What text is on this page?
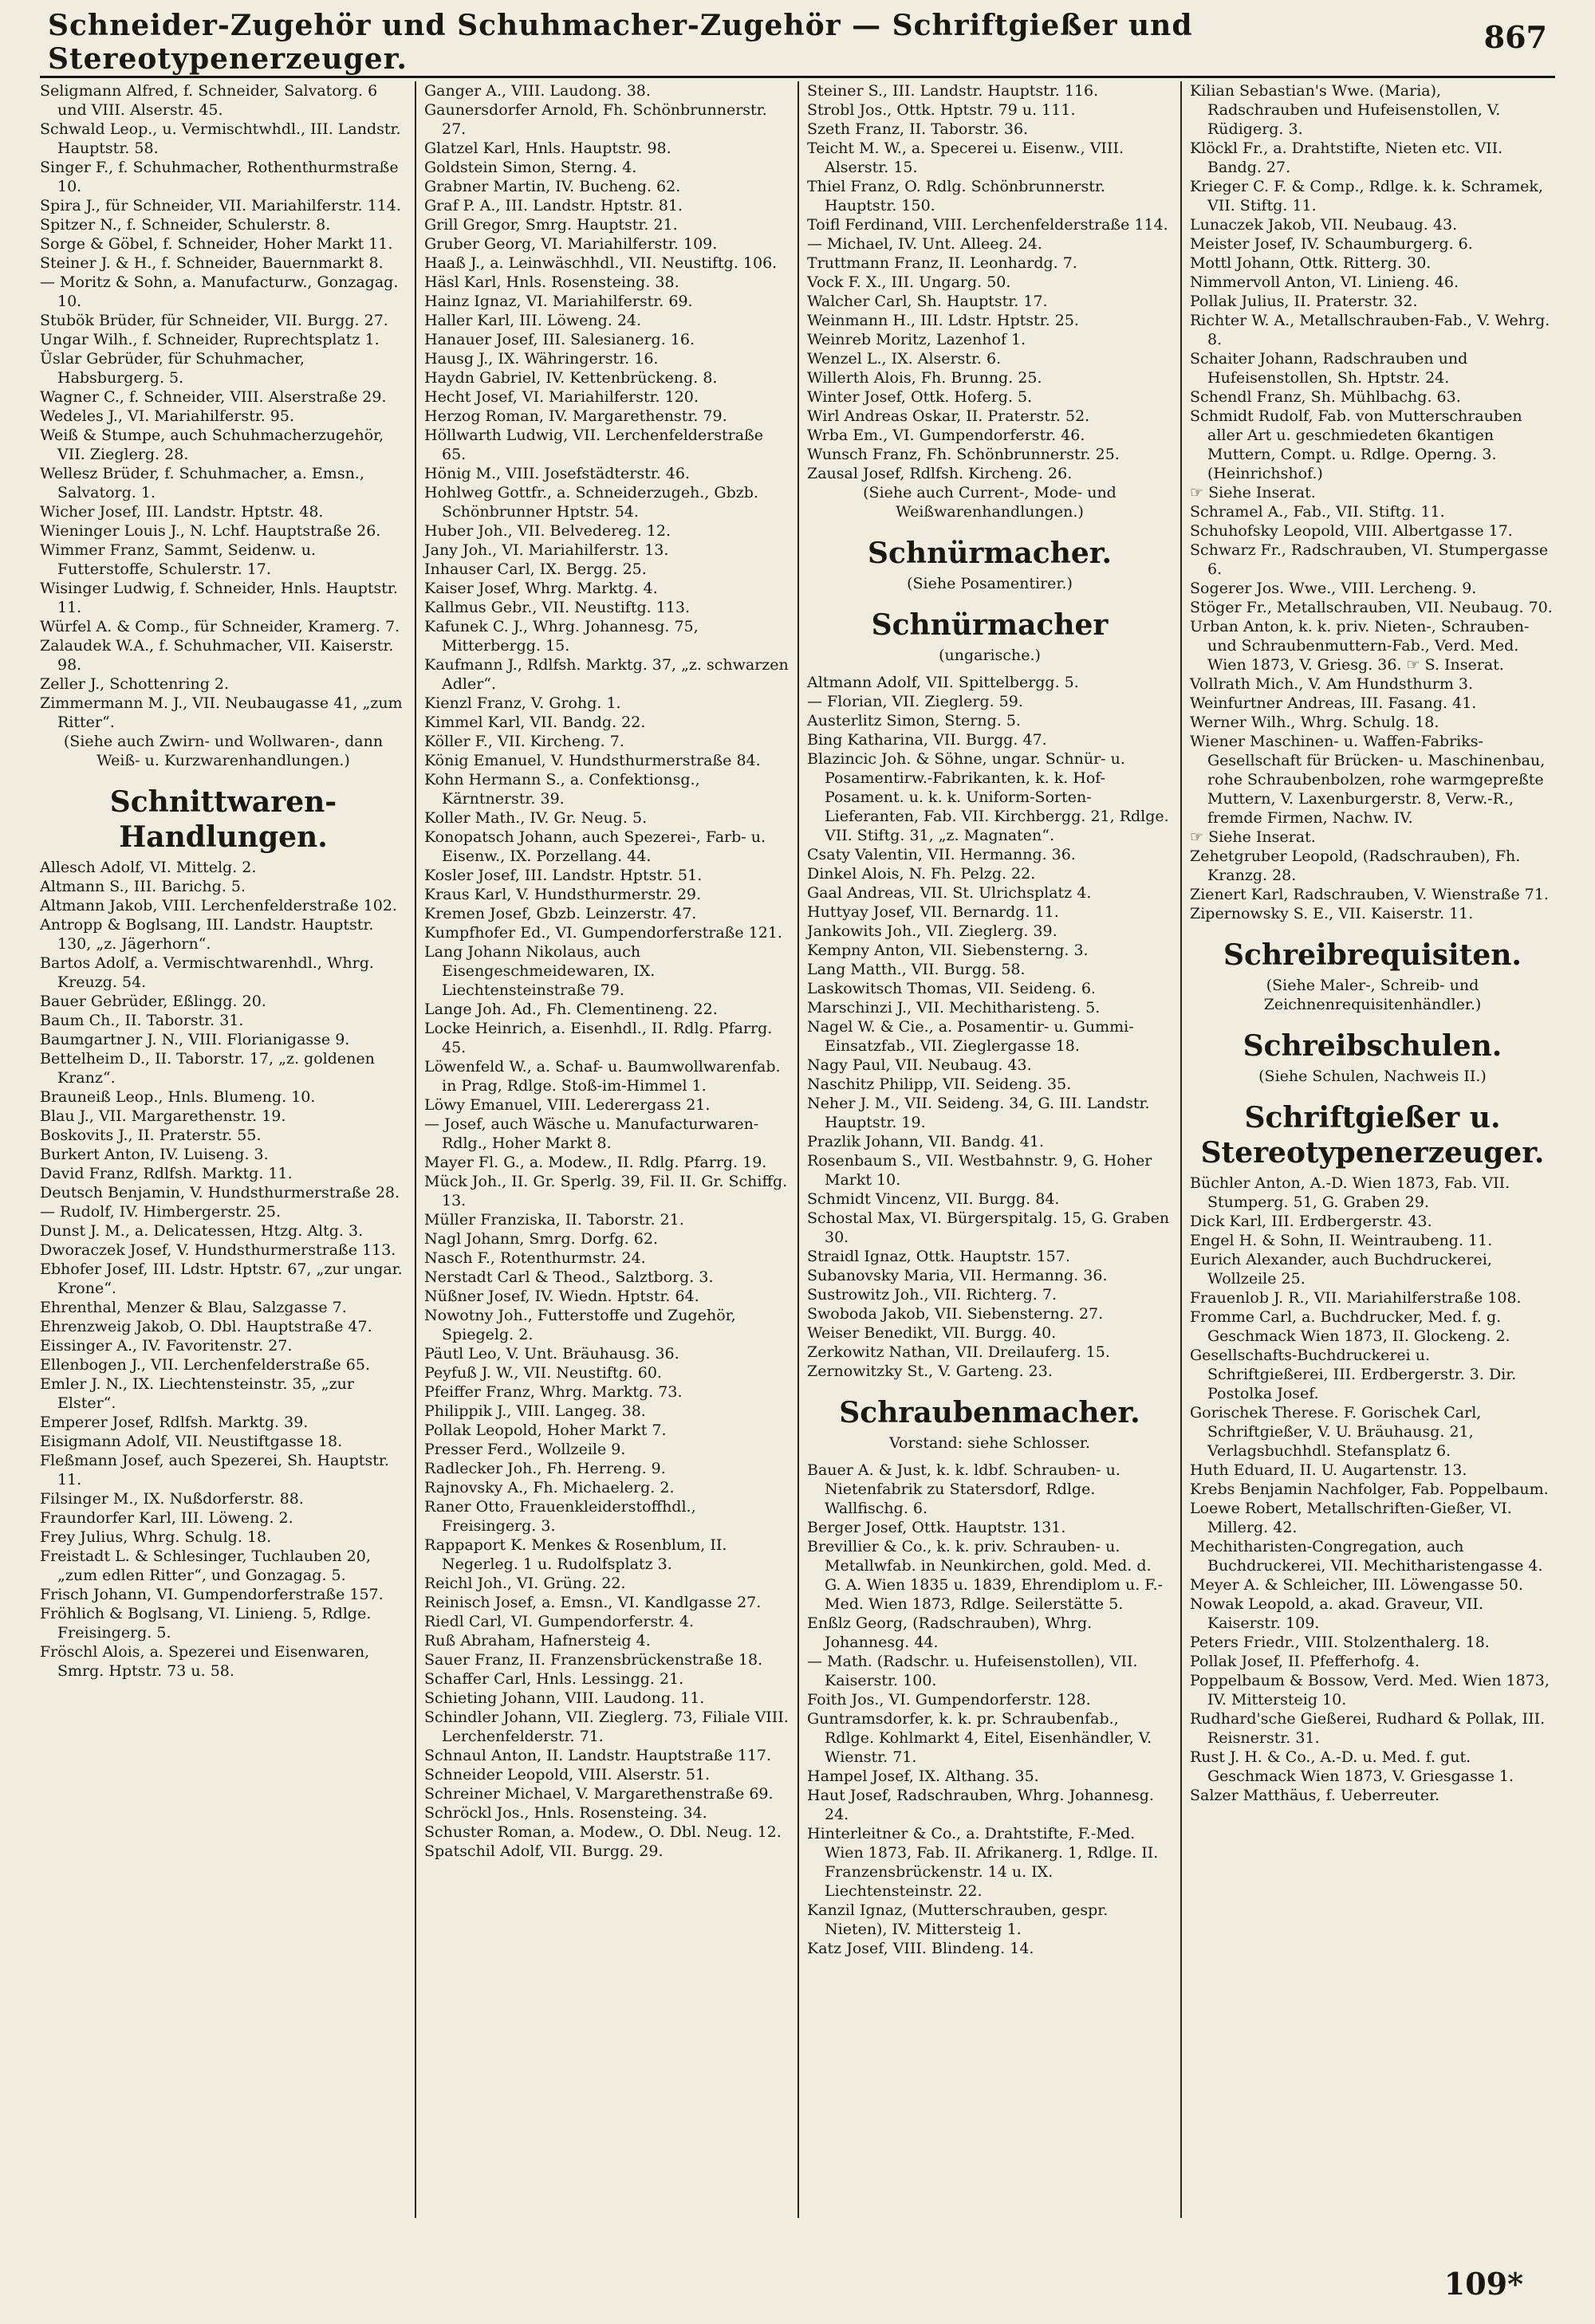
Schneider-Zugehör und Schuhmacher-Zugehör — Schriftgießer und Stereotypenerzeuger.
867
Seligmann Alfred, f. Schneider, Salvatorg. 6 und VIII. Alserstr. 45.
Schwald Leop., u. Vermischtwhdl., III. Landstr. Hauptstr. 58.
Singer F., f. Schuhmacher, Rothenthurmstraße 10.
Spira J., für Schneider, VII. Mariahilferstr. 114.
Spitzer N., f. Schneider, Schulerstr. 8.
Sorge & Göbel, f. Schneider, Hoher Markt 11.
Steiner J. & H., f. Schneider, Bauernmarkt 8.
— Moritz & Sohn, a. Manufacturw., Gonzagag. 10.
Stubök Brüder, für Schneider, VII. Burgg. 27.
Ungar Wilh., f. Schneider, Ruprechtsplatz 1.
Üslar Gebrüder, für Schuhmacher, Habsburgerg. 5.
Wagner C., f. Schneider, VIII. Alserstraße 29.
Wedeles J., VI. Mariahilferstr. 95.
Weiß & Stumpe, auch Schuhmacherzugehör, VII. Zieglerg. 28.
Wellesz Brüder, f. Schuhmacher, a. Emsn., Salvatorg. 1.
Wicher Josef, III. Landstr. Hptstr. 48.
Wieninger Louis J., N. Lchf. Hauptstraße 26.
Wimmer Franz, Sammt, Seidenw. u. Futterstoffe, Schulerstr. 17.
Wisinger Ludwig, f. Schneider, Hnls. Hauptstr. 11.
Würfel A. & Comp., für Schneider, Kramerg. 7.
Zalaudek W.A., f. Schuhmacher, VII. Kaiserstr. 98.
Zeller J., Schottenring 2.
Zimmermann M. J., VII. Neubaugasse 41, „zum Ritter“.
(Siehe auch Zwirn- und Wollwaren-, dann Weiß- u. Kurzwarenhandlungen.)
Schnittwaren-Handlungen.
Allesch Adolf, VI. Mittelg. 2.
Altmann S., III. Barichg. 5.
Altmann Jakob, VIII. Lerchenfelderstraße 102.
Antropp & Boglsang, III. Landstr. Hauptstr. 130, „z. Jägerhorn“.
Bartos Adolf, a. Vermischtwarenhdl., Whrg. Kreuzg. 54.
Bauer Gebrüder, Eßlingg. 20.
Baum Ch., II. Taborstr. 31.
Baumgartner J. N., VIII. Florianigasse 9.
Bettelheim D., II. Taborstr. 17, „z. goldenen Kranz“.
Brauneiß Leop., Hnls. Blumeng. 10.
Blau J., VII. Margarethenstr. 19.
Boskovits J., II. Praterstr. 55.
Burkert Anton, IV. Luiseng. 3.
David Franz, Rdlfsh. Marktg. 11.
Deutsch Benjamin, V. Hundsthurmerstraße 28.
— Rudolf, IV. Himbergerstr. 25.
Dunst J. M., a. Delicatessen, Htzg. Altg. 3.
Dworaczek Josef, V. Hundsthurmerstraße 113.
Ebhofer Josef, III. Ldstr. Hptstr. 67, „zur ungar. Krone“.
Ehrenthal, Menzer & Blau, Salzgasse 7.
Ehrenzweig Jakob, O. Dbl. Hauptstraße 47.
Eissinger A., IV. Favoritenstr. 27.
Ellenbogen J., VII. Lerchenfelderstraße 65.
Emler J. N., IX. Liechtensteinstr. 35, „zur Elster“.
Emperer Josef, Rdlfsh. Marktg. 39.
Eisigmann Adolf, VII. Neustiftgasse 18.
Fleßmann Josef, auch Spezerei, Sh. Hauptstr. 11.
Filsinger M., IX. Nußdorferstr. 88.
Fraundorfer Karl, III. Löweng. 2.
Frey Julius, Whrg. Schulg. 18.
Freistadt L. & Schlesinger, Tuchlauben 20, „zum edlen Ritter“, und Gonzagag. 5.
Frisch Johann, VI. Gumpendorferstraße 157.
Fröhlich & Boglsang, VI. Linieng. 5, Rdlge. Freisingerg. 5.
Fröschl Alois, a. Spezerei und Eisenwaren, Smrg. Hptstr. 73 u. 58.
Ganger A., VIII. Laudong. 38.
Gaunersdorfer Arnold, Fh. Schönbrunnerstr. 27.
Glatzel Karl, Hnls. Hauptstr. 98.
Goldstein Simon, Sterng. 4.
Grabner Martin, IV. Bucheng. 62.
Graf P. A., III. Landstr. Hptstr. 81.
Grill Gregor, Smrg. Hauptstr. 21.
Gruber Georg, VI. Mariahilferstr. 109.
Haaß J., a. Leinwäschhdl., VII. Neustiftg. 106.
Häsl Karl, Hnls. Rosensteing. 38.
Hainz Ignaz, VI. Mariahilferstr. 69.
Haller Karl, III. Löweng. 24.
Hanauer Josef, III. Salesianerg. 16.
Hausg J., IX. Währingerstr. 16.
Haydn Gabriel, IV. Kettenbrückeng. 8.
Hecht Josef, VI. Mariahilferstr. 120.
Herzog Roman, IV. Margarethenstr. 79.
Höllwarth Ludwig, VII. Lerchenfelderstraße 65.
Hönig M., VIII. Josefstädterstr. 46.
Hohlweg Gottfr., a. Schneiderzugeh., Gbzb. Schönbrunner Hptstr. 54.
Huber Joh., VII. Belvedereg. 12.
Jany Joh., VI. Mariahilferstr. 13.
Inhauser Carl, IX. Bergg. 25.
Kaiser Josef, Whrg. Marktg. 4.
Kallmus Gebr., VII. Neustiftg. 113.
Kafunek C. J., Whrg. Johannesg. 75, Mitterbergg. 15.
Kaufmann J., Rdlfsh. Marktg. 37, „z. schwarzen Adler“.
Kienzl Franz, V. Grohg. 1.
Kimmel Karl, VII. Bandg. 22.
Köller F., VII. Kircheng. 7.
König Emanuel, V. Hundsthurmerstraße 84.
Kohn Hermann S., a. Confektionsg., Kärntnerstr. 39.
Koller Math., IV. Gr. Neug. 5.
Konopatsch Johann, auch Spezerei-, Farb- u. Eisenw., IX. Porzellang. 44.
Kosler Josef, III. Landstr. Hptstr. 51.
Kraus Karl, V. Hundsthurmerstr. 29.
Kremen Josef, Gbzb. Leinzerstr. 47.
Kumpfhofer Ed., VI. Gumpendorferstraße 121.
Lang Johann Nikolaus, auch Eisengeschmeidewaren, IX. Liechtensteinstraße 79.
Lange Joh. Ad., Fh. Clementineng. 22.
Locke Heinrich, a. Eisenhdl., II. Rdlg. Pfarrg. 45.
Löwenfeld W., a. Schaf- u. Baumwollwarenfab. in Prag, Rdlge. Stoß-im-Himmel 1.
Löwy Emanuel, VIII. Lederergass 21.
— Josef, auch Wäsche u. Manufacturwaren-Rdlg., Hoher Markt 8.
Mayer Fl. G., a. Modew., II. Rdlg. Pfarrg. 19.
Mück Joh., II. Gr. Sperlg. 39, Fil. II. Gr. Schiffg. 13.
Müller Franziska, II. Taborstr. 21.
Nagl Johann, Smrg. Dorfg. 62.
Nasch F., Rotenthurmstr. 24.
Nerstadt Carl & Theod., Salztborg. 3.
Nüßner Josef, IV. Wiedn. Hptstr. 64.
Nowotny Joh., Futterstoffe und Zugehör, Spiegelg. 2.
Päutl Leo, V. Unt. Bräuhausg. 36.
Peyfuß J. W., VII. Neustiftg. 60.
Pfeiffer Franz, Whrg. Marktg. 73.
Philippik J., VIII. Langeg. 38.
Pollak Leopold, Hoher Markt 7.
Presser Ferd., Wollzeile 9.
Radlecker Joh., Fh. Herreng. 9.
Rajnovsky A., Fh. Michaelerg. 2.
Raner Otto, Frauenkleiderstoffhdl., Freisingerg. 3.
Rappaport K. Menkes & Rosenblum, II. Negerleg. 1 u. Rudolfsplatz 3.
Reichl Joh., VI. Grüng. 22.
Reinisch Josef, a. Emsn., VI. Kandlgasse 27.
Riedl Carl, VI. Gumpendorferstr. 4.
Ruß Abraham, Hafnersteig 4.
Sauer Franz, II. Franzensbrückenstraße 18.
Schaffer Carl, Hnls. Lessingg. 21.
Schieting Johann, VIII. Laudong. 11.
Schindler Johann, VII. Zieglerg. 73, Filiale VIII. Lerchenfelderstr. 71.
Schnaul Anton, II. Landstr. Hauptstraße 117.
Schneider Leopold, VIII. Alserstr. 51.
Schreiner Michael, V. Margarethenstraße 69.
Schröckl Jos., Hnls. Rosensteing. 34.
Schuster Roman, a. Modew., O. Dbl. Neug. 12.
Spatschil Adolf, VII. Burgg. 29.
Steiner S., III. Landstr. Hauptstr. 116.
Strobl Jos., Ottk. Hptstr. 79 u. 111.
Szeth Franz, II. Taborstr. 36.
Teicht M. W., a. Specerei u. Eisenw., VIII. Alserstr. 15.
Thiel Franz, O. Rdlg. Schönbrunnerstr. Hauptstr. 150.
Toifl Ferdinand, VIII. Lerchenfelderstraße 114.
— Michael, IV. Unt. Alleeg. 24.
Truttmann Franz, II. Leonhardg. 7.
Vock F. X., III. Ungarg. 50.
Walcher Carl, Sh. Hauptstr. 17.
Weinmann H., III. Ldstr. Hptstr. 25.
Weinreb Moritz, Lazenhof 1.
Wenzel L., IX. Alserstr. 6.
Willerth Alois, Fh. Brunng. 25.
Winter Josef, Ottk. Hoferg. 5.
Wirl Andreas Oskar, II. Praterstr. 52.
Wrba Em., VI. Gumpendorferstr. 46.
Wunsch Franz, Fh. Schönbrunnerstr. 25.
Zausal Josef, Rdlfsh. Kircheng. 26.
(Siehe auch Current-, Mode- und Weißwarenhandlungen.)
Schnürmacher.
(Siehe Posamentirer.)
Schnürmacher
(ungarische.)
Altmann Adolf, VII. Spittelbergg. 5.
— Florian, VII. Zieglerg. 59.
Austerlitz Simon, Sterng. 5.
Bing Katharina, VII. Burgg. 47.
Blazincic Joh. & Söhne, ungar. Schnür- u. Posamentirw.-Fabrikanten, k. k. Hof-Posament. u. k. k. Uniform-Sorten-Lieferanten, Fab. VII. Kirchbergg. 21, Rdlge. VII. Stiftg. 31, „z. Magnaten“.
Csaty Valentin, VII. Hermanng. 36.
Dinkel Alois, N. Fh. Pelzg. 22.
Gaal Andreas, VII. St. Ulrichsplatz 4.
Huttyay Josef, VII. Bernardg. 11.
Jankowits Joh., VII. Zieglerg. 39.
Kempny Anton, VII. Siebensterng. 3.
Lang Matth., VII. Burgg. 58.
Laskowitsch Thomas, VII. Seideng. 6.
Marschinzi J., VII. Mechitharisteng. 5.
Nagel W. & Cie., a. Posamentir- u. Gummi-Einsatzfab., VII. Zieglergasse 18.
Nagy Paul, VII. Neubaug. 43.
Naschitz Philipp, VII. Seideng. 35.
Neher J. M., VII. Seideng. 34, G. III. Landstr. Hauptstr. 19.
Prazlik Johann, VII. Bandg. 41.
Rosenbaum S., VII. Westbahnstr. 9, G. Hoher Markt 10.
Schmidt Vincenz, VII. Burgg. 84.
Schostal Max, VI. Bürgerspitalg. 15, G. Graben 30.
Straidl Ignaz, Ottk. Hauptstr. 157.
Subanovsky Maria, VII. Hermanng. 36.
Sustrowitz Joh., VII. Richterg. 7.
Swoboda Jakob, VII. Siebensterng. 27.
Weiser Benedikt, VII. Burgg. 40.
Zerkowitz Nathan, VII. Dreilauferg. 15.
Zernowitzky St., V. Garteng. 23.
Schraubenmacher.
Vorstand: siehe Schlosser.
Bauer A. & Just, k. k. ldbf. Schrauben- u. Nietenfabrik zu Statersdorf, Rdlge. Wallfischg. 6.
Berger Josef, Ottk. Hauptstr. 131.
Brevillier & Co., k. k. priv. Schrauben- u. Metallwfab. in Neunkirchen, gold. Med. d. G. A. Wien 1835 u. 1839, Ehrendiplom u. F.-Med. Wien 1873, Rdlge. Seilerstätte 5.
Enßlz Georg, (Radschrauben), Whrg. Johannesg. 44.
— Math. (Radschr. u. Hufeisenstollen), VII. Kaiserstr. 100.
Foith Jos., VI. Gumpendorferstr. 128.
Guntramsdorfer, k. k. pr. Schraubenfab., Rdlge. Kohlmarkt 4, Eitel, Eisenhändler, V. Wienstr. 71.
Hampel Josef, IX. Althang. 35.
Haut Josef, Radschrauben, Whrg. Johannesg. 24.
Hinterleitner & Co., a. Drahtstifte, F.-Med. Wien 1873, Fab. II. Afrikanerg. 1, Rdlge. II. Franzensbrückenstr. 14 u. IX. Liechtensteinstr. 22.
Kanzil Ignaz, (Mutterschrauben, gespr. Nieten), IV. Mittersteig 1.
Katz Josef, VIII. Blindeng. 14.
Kilian Sebastian's Wwe. (Maria), Radschrauben und Hufeisenstollen, V. Rüdigerg. 3.
Klöckl Fr., a. Drahtstifte, Nieten etc. VII. Bandg. 27.
Krieger C. F. & Comp., Rdlge. k. k. Schramek, VII. Stiftg. 11.
Lunaczek Jakob, VII. Neubaug. 43.
Meister Josef, IV. Schaumburgerg. 6.
Mottl Johann, Ottk. Ritterg. 30.
Nimmervoll Anton, VI. Linieng. 46.
Pollak Julius, II. Praterstr. 32.
Richter W. A., Metallschrauben-Fab., V. Wehrg. 8.
Schaiter Johann, Radschrauben und Hufeisenstollen, Sh. Hptstr. 24.
Schendl Franz, Sh. Mühlbachg. 63.
Schmidt Rudolf, Fab. von Mutterschrauben aller Art u. geschmiedeten 6kantigen Muttern, Compt. u. Rdlge. Operng. 3. (Heinrichshof.)
☞ Siehe Inserat.
Schramel A., Fab., VII. Stiftg. 11.
Schuhofsky Leopold, VIII. Albertgasse 17.
Schwarz Fr., Radschrauben, VI. Stumpergasse 6.
Sogerer Jos. Wwe., VIII. Lercheng. 9.
Stöger Fr., Metallschrauben, VII. Neubaug. 70.
Urban Anton, k. k. priv. Nieten-, Schrauben- und Schraubenmuttern-Fab., Verd. Med. Wien 1873, V. Griesg. 36. ☞ S. Inserat.
Vollrath Mich., V. Am Hundsthurm 3.
Weinfurtner Andreas, III. Fasang. 41.
Werner Wilh., Whrg. Schulg. 18.
Wiener Maschinen- u. Waffen-Fabriks-Gesellschaft für Brücken- u. Maschinenbau, rohe Schraubenbolzen, rohe warmgepreßte Muttern, V. Laxenburgerstr. 8, Verw.-R., fremde Firmen, Nachw. IV.
☞ Siehe Inserat.
Zehetgruber Leopold, (Radschrauben), Fh. Kranzg. 28.
Zienert Karl, Radschrauben, V. Wienstraße 71.
Zipernowsky S. E., VII. Kaiserstr. 11.
Schreibrequisiten.
(Siehe Maler-, Schreib- und Zeichnenrequisitenhändler.)
Schreibschulen.
(Siehe Schulen, Nachweis II.)
Schriftgießer u. Stereotypenerzeuger.
Büchler Anton, A.-D. Wien 1873, Fab. VII. Stumperg. 51, G. Graben 29.
Dick Karl, III. Erdbergerstr. 43.
Engel H. & Sohn, II. Weintraubeng. 11.
Eurich Alexander, auch Buchdruckerei, Wollzeile 25.
Frauenlob J. R., VII. Mariahilferstraße 108.
Fromme Carl, a. Buchdrucker, Med. f. g. Geschmack Wien 1873, II. Glockeng. 2.
Gesellschafts-Buchdruckerei u. Schriftgießerei, III. Erdbergerstr. 3. Dir. Postolka Josef.
Gorischek Therese. F. Gorischek Carl, Schriftgießer, V. U. Bräuhausg. 21, Verlagsbuchhdl. Stefansplatz 6.
Huth Eduard, II. U. Augartenstr. 13.
Krebs Benjamin Nachfolger, Fab. Poppelbaum.
Loewe Robert, Metallschriften-Gießer, VI. Millerg. 42.
Mechitharisten-Congregation, auch Buchdruckerei, VII. Mechitharistengasse 4.
Meyer A. & Schleicher, III. Löwengasse 50.
Nowak Leopold, a. akad. Graveur, VII. Kaiserstr. 109.
Peters Friedr., VIII. Stolzenthalerg. 18.
Pollak Josef, II. Pfefferhofg. 4.
Poppelbaum & Bossow, Verd. Med. Wien 1873, IV. Mittersteig 10.
Rudhard'sche Gießerei, Rudhard & Pollak, III. Reisnerstr. 31.
Rust J. H. & Co., A.-D. u. Med. f. gut. Geschmack Wien 1873, V. Griesgasse 1.
Salzer Matthäus, f. Ueberreuter.
109*
